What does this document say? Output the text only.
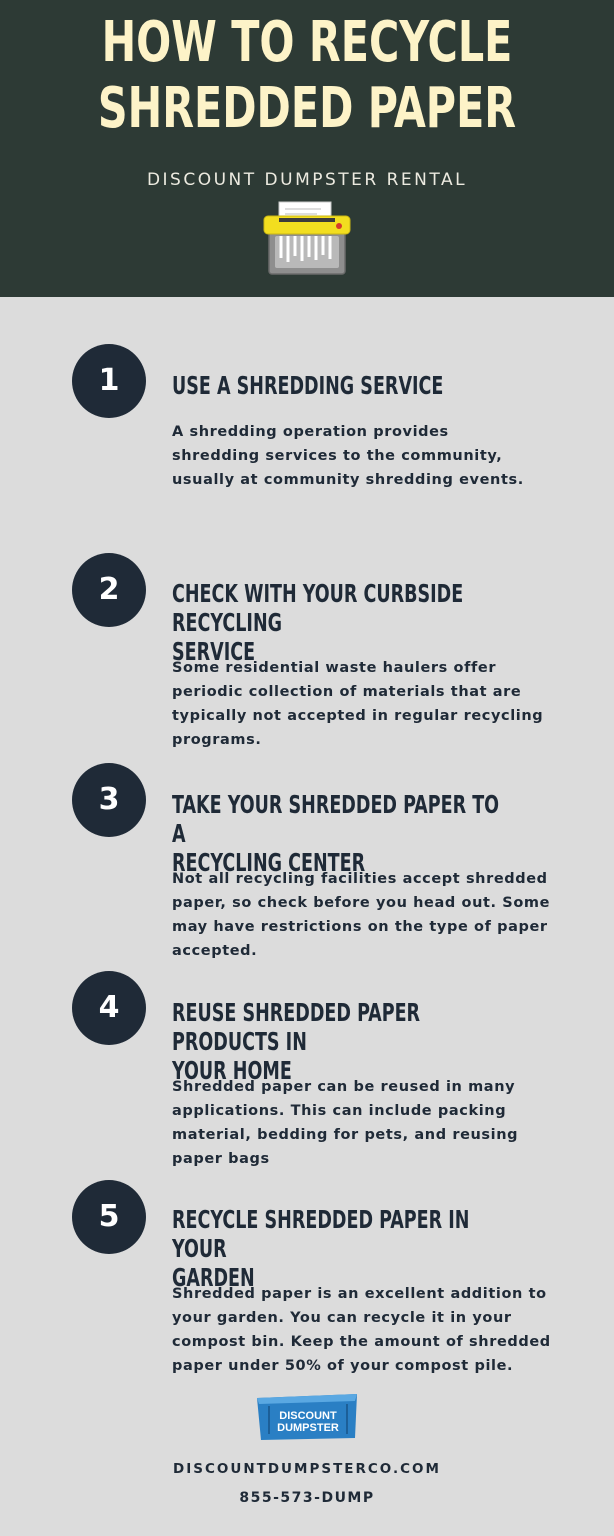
HOW TO RECYCLE
SHREDDED PAPER
DISCOUNT DUMPSTER RENTAL
1	USE A SHREDDING SERVICE
A shredding operation provides
shredding services to the community,
usually at community shredding events.
2	CHECK WITH YOUR CURBSIDE RECYCLING
SERVICE
Some residential waste haulers offer
periodic collection of materials that are
typically not accepted in regular recycling
programs.
3	TAKE YOUR SHREDDED PAPER TO A
RECYCLING CENTER
Not all recycling facilities accept shredded
paper, so check before you head out. Some
may have restrictions on the type of paper
accepted.
4	REUSE SHREDDED PAPER PRODUCTS IN
YOUR HOME
Shredded paper can be reused in many
applications. This can include packing
material, bedding for pets, and reusing
paper bags
5	RECYCLE SHREDDED PAPER IN YOUR
GARDEN
Shredded paper is an excellent addition to
your garden. You can recycle it in your
compost bin. Keep the amount of shredded
paper under 50% of your compost pile.
DISCOUNT
DUMPSTER
DISCOUNTDUMPSTERCO.COM
855-573-DUMP
